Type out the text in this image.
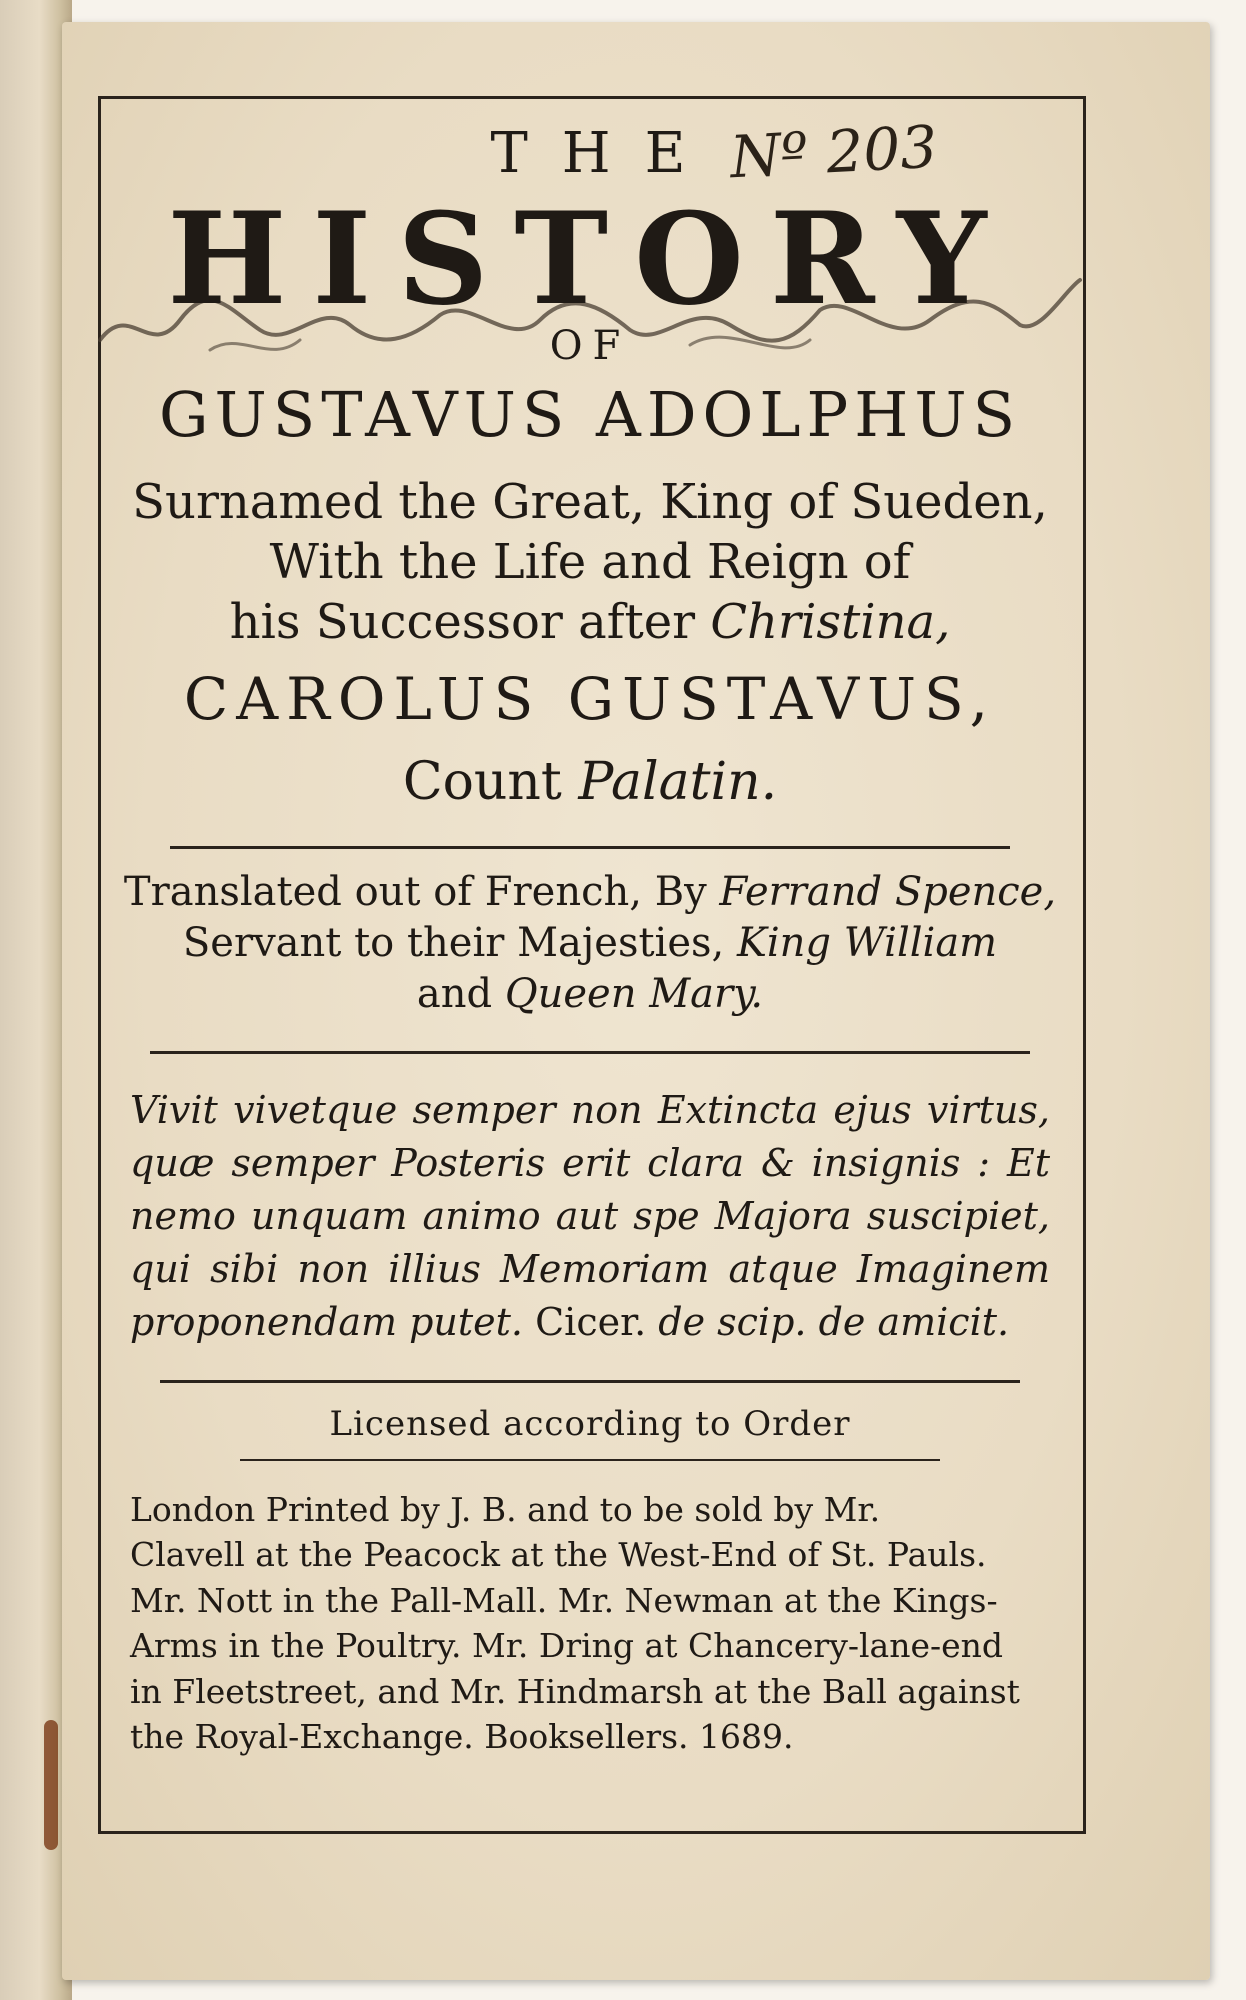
Nº 203
THE
HISTORY
OF
GUSTAVUS ADOLPHUS
Surnamed the Great, King of Sueden,
With the Life and Reign of
his Successor after Christina,
CAROLUS GUSTAVUS,
Count Palatin.
Translated out of French, By Ferrand Spence,
Servant to their Majesties, King William
and Queen Mary.
Vivit vivetque semper non Extincta ejus virtus,
quæ semper Posteris erit clara & insignis : Et
nemo unquam animo aut spe Majora suscipiet,
qui sibi non illius Memoriam atque Imaginem
proponendam putet. Cicer. de scip. de amicit.
Licensed according to Order
London Printed by J. B. and to be sold by Mr.
Clavell at the Peacock at the West-End of St. Pauls.
Mr. Nott in the Pall-Mall. Mr. Newman at the Kings-
Arms in the Poultry. Mr. Dring at Chancery-lane-end
in Fleetstreet, and Mr. Hindmarsh at the Ball against
the Royal-Exchange. Booksellers. 1689.
